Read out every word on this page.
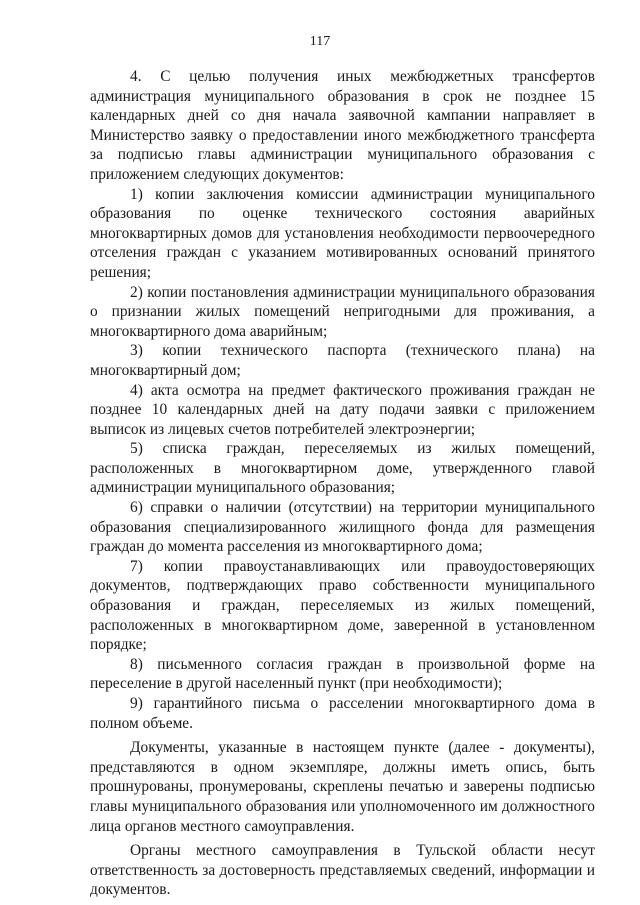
117

4. С целью получения иных межбюджетных трансфертов администрация муниципального образования в срок не позднее 15 календарных дней со дня начала заявочной кампании направляет в Министерство заявку о предоставлении иного межбюджетного трансферта за подписью главы администрации муниципального образования с приложением следующих документов:

1) копии заключения комиссии администрации муниципального образования по оценке технического состояния аварийных многоквартирных домов для установления необходимости первоочередного отселения граждан с указанием мотивированных оснований принятого решения;

2) копии постановления администрации муниципального образования о признании жилых помещений непригодными для проживания, а многоквартирного дома аварийным;

3) копии технического паспорта (технического плана) на многоквартирный дом;

4) акта осмотра на предмет фактического проживания граждан не позднее 10 календарных дней на дату подачи заявки с приложением выписок из лицевых счетов потребителей электроэнергии;

5) списка граждан, переселяемых из жилых помещений, расположенных в многоквартирном доме, утвержденного главой администрации муниципального образования;

6) справки о наличии (отсутствии) на территории муниципального образования специализированного жилищного фонда для размещения граждан до момента расселения из многоквартирного дома;

7) копии правоустанавливающих или правоудостоверяющих документов, подтверждающих право собственности муниципального образования и граждан, переселяемых из жилых помещений, расположенных в многоквартирном доме, заверенной в установленном порядке;

8) письменного согласия граждан в произвольной форме на переселение в другой населенный пункт (при необходимости);

9) гарантийного письма о расселении многоквартирного дома в полном объеме.

Документы, указанные в настоящем пункте (далее - документы), представляются в одном экземпляре, должны иметь опись, быть прошнурованы, пронумерованы, скреплены печатью и заверены подписью главы муниципального образования или уполномоченного им должностного лица органов местного самоуправления.

Органы местного самоуправления в Тульской области несут ответственность за достоверность представляемых сведений, информации и документов.
